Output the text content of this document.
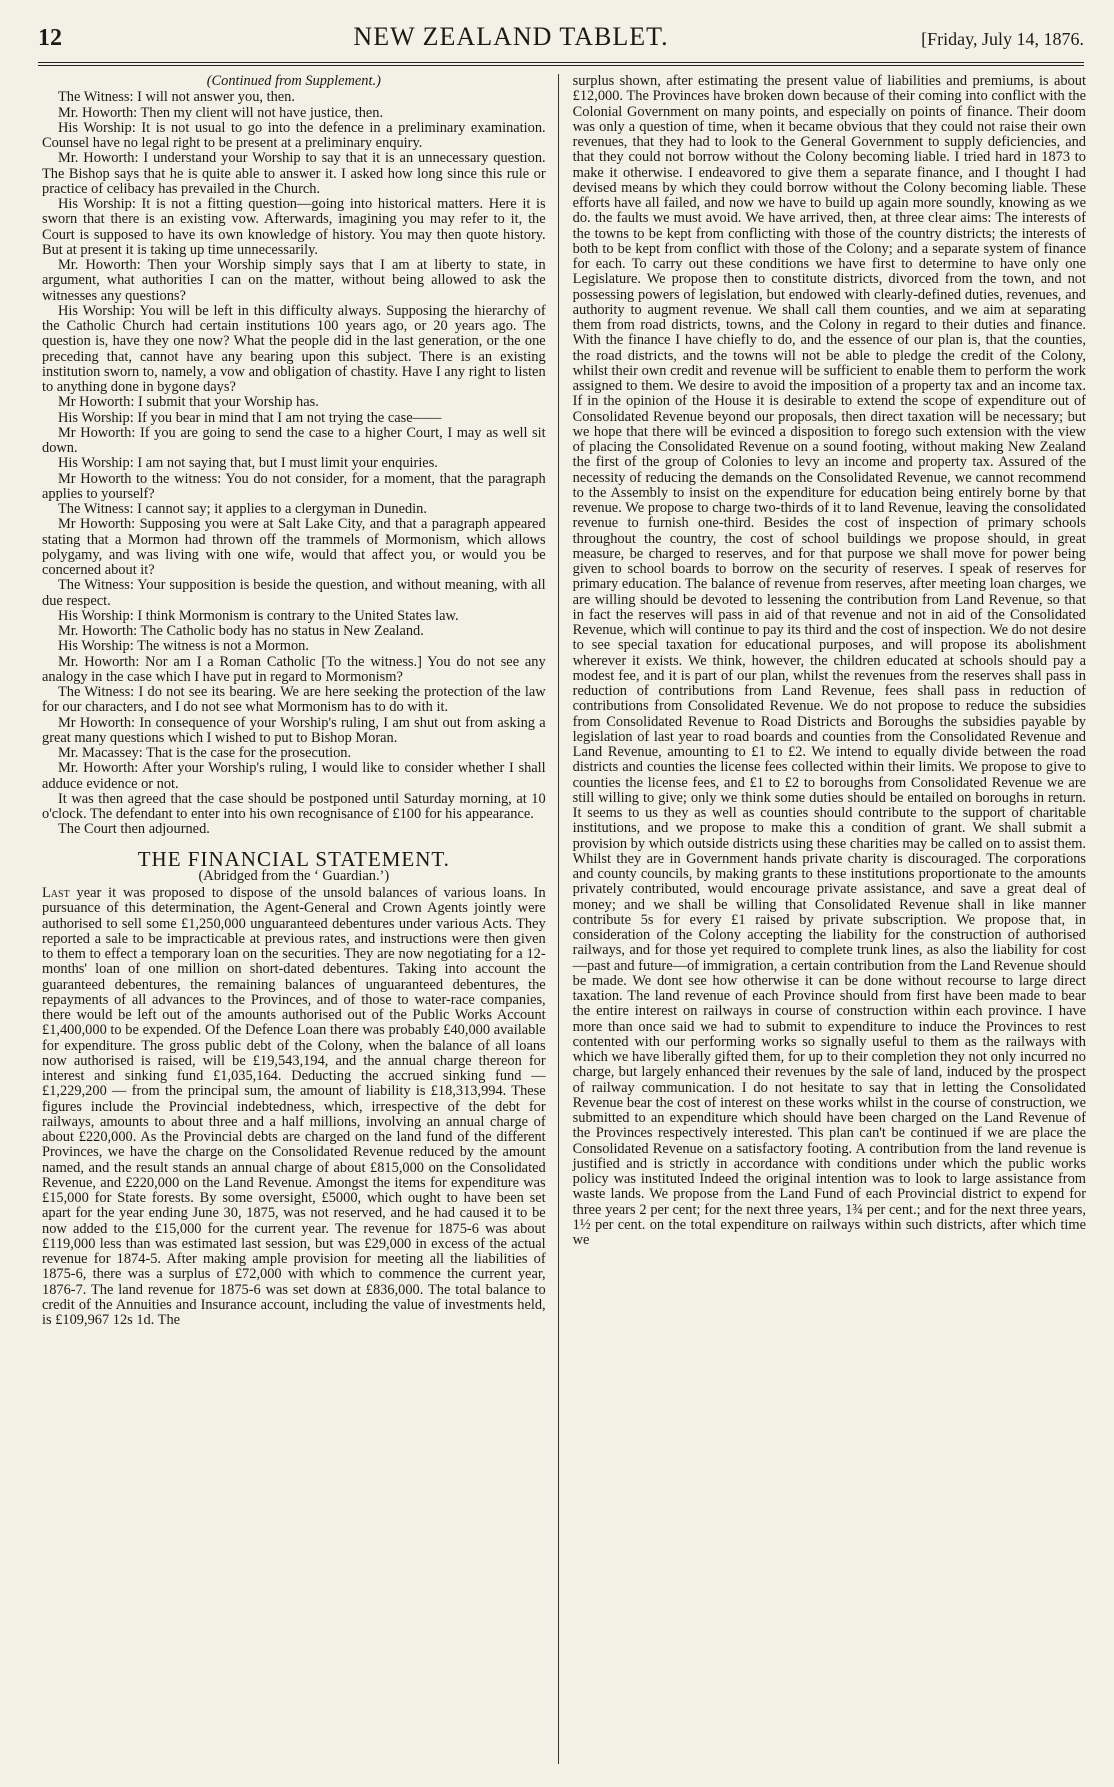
12	NEW ZEALAND TABLET.	[Friday, July 14, 1876.

(Continued from Supplement.)

The Witness: I will not answer you, then.

Mr. Howorth: Then my client will not have justice, then.

His Worship: It is not usual to go into the defence in a preliminary examination. Counsel have no legal right to be present at a preliminary enquiry.

Mr. Howorth: I understand your Worship to say that it is an unnecessary question. The Bishop says that he is quite able to answer it. I asked how long since this rule or practice of celibacy has prevailed in the Church.

His Worship: It is not a fitting question—going into historical matters. Here it is sworn that there is an existing vow. Afterwards, imagining you may refer to it, the Court is supposed to have its own knowledge of history. You may then quote history. But at present it is taking up time unnecessarily.

Mr. Howorth: Then your Worship simply says that I am at liberty to state, in argument, what authorities I can on the matter, without being allowed to ask the witnesses any questions?

His Worship: You will be left in this difficulty always. Supposing the hierarchy of the Catholic Church had certain institutions 100 years ago, or 20 years ago. The question is, have they one now? What the people did in the last generation, or the one preceding that, cannot have any bearing upon this subject. There is an existing institution sworn to, namely, a vow and obligation of chastity. Have I any right to listen to anything done in bygone days?

Mr Howorth: I submit that your Worship has.

His Worship: If you bear in mind that I am not trying the case——

Mr Howorth: If you are going to send the case to a higher Court, I may as well sit down.

His Worship: I am not saying that, but I must limit your enquiries.

Mr Howorth to the witness: You do not consider, for a moment, that the paragraph applies to yourself?

The Witness: I cannot say; it applies to a clergyman in Dunedin.

Mr Howorth: Supposing you were at Salt Lake City, and that a paragraph appeared stating that a Mormon had thrown off the trammels of Mormonism, which allows polygamy, and was living with one wife, would that affect you, or would you be concerned about it?

The Witness: Your supposition is beside the question, and without meaning, with all due respect.

His Worship: I think Mormonism is contrary to the United States law.

Mr. Howorth: The Catholic body has no status in New Zealand.

His Worship: The witness is not a Mormon.

Mr. Howorth: Nor am I a Roman Catholic [To the witness.] You do not see any analogy in the case which I have put in regard to Mormonism?

The Witness: I do not see its bearing. We are here seeking the protection of the law for our characters, and I do not see what Mormonism has to do with it.

Mr Howorth: In consequence of your Worship's ruling, I am shut out from asking a great many questions which I wished to put to Bishop Moran.

Mr. Macassey: That is the case for the prosecution.

Mr. Howorth: After your Worship's ruling, I would like to consider whether I shall adduce evidence or not.

It was then agreed that the case should be postponed until Saturday morning, at 10 o'clock. The defendant to enter into his own recognisance of £100 for his appearance.

The Court then adjourned.

THE FINANCIAL STATEMENT.

(Abridged from the ‘ Guardian.’)

Last year it was proposed to dispose of the unsold balances of various loans. In pursuance of this determination, the Agent-General and Crown Agents jointly were authorised to sell some £1,250,000 unguaranteed debentures under various Acts. They reported a sale to be impracticable at previous rates, and instructions were then given to them to effect a temporary loan on the securities. They are now negotiating for a 12-months' loan of one million on short-dated debentures. Taking into account the guaranteed debentures, the remaining balances of unguaranteed debentures, the repayments of all advances to the Provinces, and of those to water-race companies, there would be left out of the amounts authorised out of the Public Works Account £1,400,000 to be expended. Of the Defence Loan there was probably £40,000 available for expenditure. The gross public debt of the Colony, when the balance of all loans now authorised is raised, will be £19,543,194, and the annual charge thereon for interest and sinking fund £1,035,164. Deducting the accrued sinking fund — £1,229,200 — from the principal sum, the amount of liability is £18,313,994. These figures include the Provincial indebtedness, which, irrespective of the debt for railways, amounts to about three and a half millions, involving an annual charge of about £220,000. As the Provincial debts are charged on the land fund of the different Provinces, we have the charge on the Consolidated Revenue reduced by the amount named, and the result stands an annual charge of about £815,000 on the Consolidated Revenue, and £220,000 on the Land Revenue. Amongst the items for expenditure was £15,000 for State forests. By some oversight, £5000, which ought to have been set apart for the year ending June 30, 1875, was not reserved, and he had caused it to be now added to the £15,000 for the current year. The revenue for 1875-6 was about £119,000 less than was estimated last session, but was £29,000 in excess of the actual revenue for 1874-5. After making ample provision for meeting all the liabilities of 1875-6, there was a surplus of £72,000 with which to commence the current year, 1876-7. The land revenue for 1875-6 was set down at £836,000. The total balance to credit of the Annuities and Insurance account, including the value of investments held, is £109,967 12s 1d. The

surplus shown, after estimating the present value of liabilities and premiums, is about £12,000. The Provinces have broken down because of their coming into conflict with the Colonial Government on many points, and especially on points of finance. Their doom was only a question of time, when it became obvious that they could not raise their own revenues, that they had to look to the General Government to supply deficiencies, and that they could not borrow without the Colony becoming liable. I tried hard in 1873 to make it otherwise. I endeavored to give them a separate finance, and I thought I had devised means by which they could borrow without the Colony becoming liable. These efforts have all failed, and now we have to build up again more soundly, knowing as we do. the faults we must avoid. We have arrived, then, at three clear aims: The interests of the towns to be kept from conflicting with those of the country districts; the interests of both to be kept from conflict with those of the Colony; and a separate system of finance for each. To carry out these conditions we have first to determine to have only one Legislature. We propose then to constitute districts, divorced from the town, and not possessing powers of legislation, but endowed with clearly-defined duties, revenues, and authority to augment revenue. We shall call them counties, and we aim at separating them from road districts, towns, and the Colony in regard to their duties and finance. With the finance I have chiefly to do, and the essence of our plan is, that the counties, the road districts, and the towns will not be able to pledge the credit of the Colony, whilst their own credit and revenue will be sufficient to enable them to perform the work assigned to them. We desire to avoid the imposition of a property tax and an income tax. If in the opinion of the House it is desirable to extend the scope of expenditure out of Consolidated Revenue beyond our proposals, then direct taxation will be necessary; but we hope that there will be evinced a disposition to forego such extension with the view of placing the Consolidated Revenue on a sound footing, without making New Zealand the first of the group of Colonies to levy an income and property tax. Assured of the necessity of reducing the demands on the Consolidated Revenue, we cannot recommend to the Assembly to insist on the expenditure for education being entirely borne by that revenue. We propose to charge two-thirds of it to land Revenue, leaving the consolidated revenue to furnish one-third. Besides the cost of inspection of primary schools throughout the country, the cost of school buildings we propose should, in great measure, be charged to reserves, and for that purpose we shall move for power being given to school boards to borrow on the security of reserves. I speak of reserves for primary education. The balance of revenue from reserves, after meeting loan charges, we are willing should be devoted to lessening the contribution from Land Revenue, so that in fact the reserves will pass in aid of that revenue and not in aid of the Consolidated Revenue, which will continue to pay its third and the cost of inspection. We do not desire to see special taxation for educational purposes, and will propose its abolishment wherever it exists. We think, however, the children educated at schools should pay a modest fee, and it is part of our plan, whilst the revenues from the reserves shall pass in reduction of contributions from Land Revenue, fees shall pass in reduction of contributions from Consolidated Revenue. We do not propose to reduce the subsidies from Consolidated Revenue to Road Districts and Boroughs the subsidies payable by legislation of last year to road boards and counties from the Consolidated Revenue and Land Revenue, amounting to £1 to £2. We intend to equally divide between the road districts and counties the license fees collected within their limits. We propose to give to counties the license fees, and £1 to £2 to boroughs from Consolidated Revenue we are still willing to give; only we think some duties should be entailed on boroughs in return. It seems to us they as well as counties should contribute to the support of charitable institutions, and we propose to make this a condition of grant. We shall submit a provision by which outside districts using these charities may be called on to assist them. Whilst they are in Government hands private charity is discouraged. The corporations and county councils, by making grants to these institutions proportionate to the amounts privately contributed, would encourage private assistance, and save a great deal of money; and we shall be willing that Consolidated Revenue shall in like manner contribute 5s for every £1 raised by private subscription. We propose that, in consideration of the Colony accepting the liability for the construction of authorised railways, and for those yet required to complete trunk lines, as also the liability for cost—past and future—of immigration, a certain contribution from the Land Revenue should be made. We dont see how otherwise it can be done without recourse to large direct taxation. The land revenue of each Province should from first have been made to bear the entire interest on railways in course of construction within each province. I have more than once said we had to submit to expenditure to induce the Provinces to rest contented with our performing works so signally useful to them as the railways with which we have liberally gifted them, for up to their completion they not only incurred no charge, but largely enhanced their revenues by the sale of land, induced by the prospect of railway communication. I do not hesitate to say that in letting the Consolidated Revenue bear the cost of interest on these works whilst in the course of construction, we submitted to an expenditure which should have been charged on the Land Revenue of the Provinces respectively interested. This plan can't be continued if we are place the Consolidated Revenue on a satisfactory footing. A contribution from the land revenue is justified and is strictly in accordance with conditions under which the public works policy was instituted Indeed the original intention was to look to large assistance from waste lands. We propose from the Land Fund of each Provincial district to expend for three years 2 per cent; for the next three years, 1¾ per cent.; and for the next three years, 1½ per cent. on the total expenditure on railways within such districts, after which time we
